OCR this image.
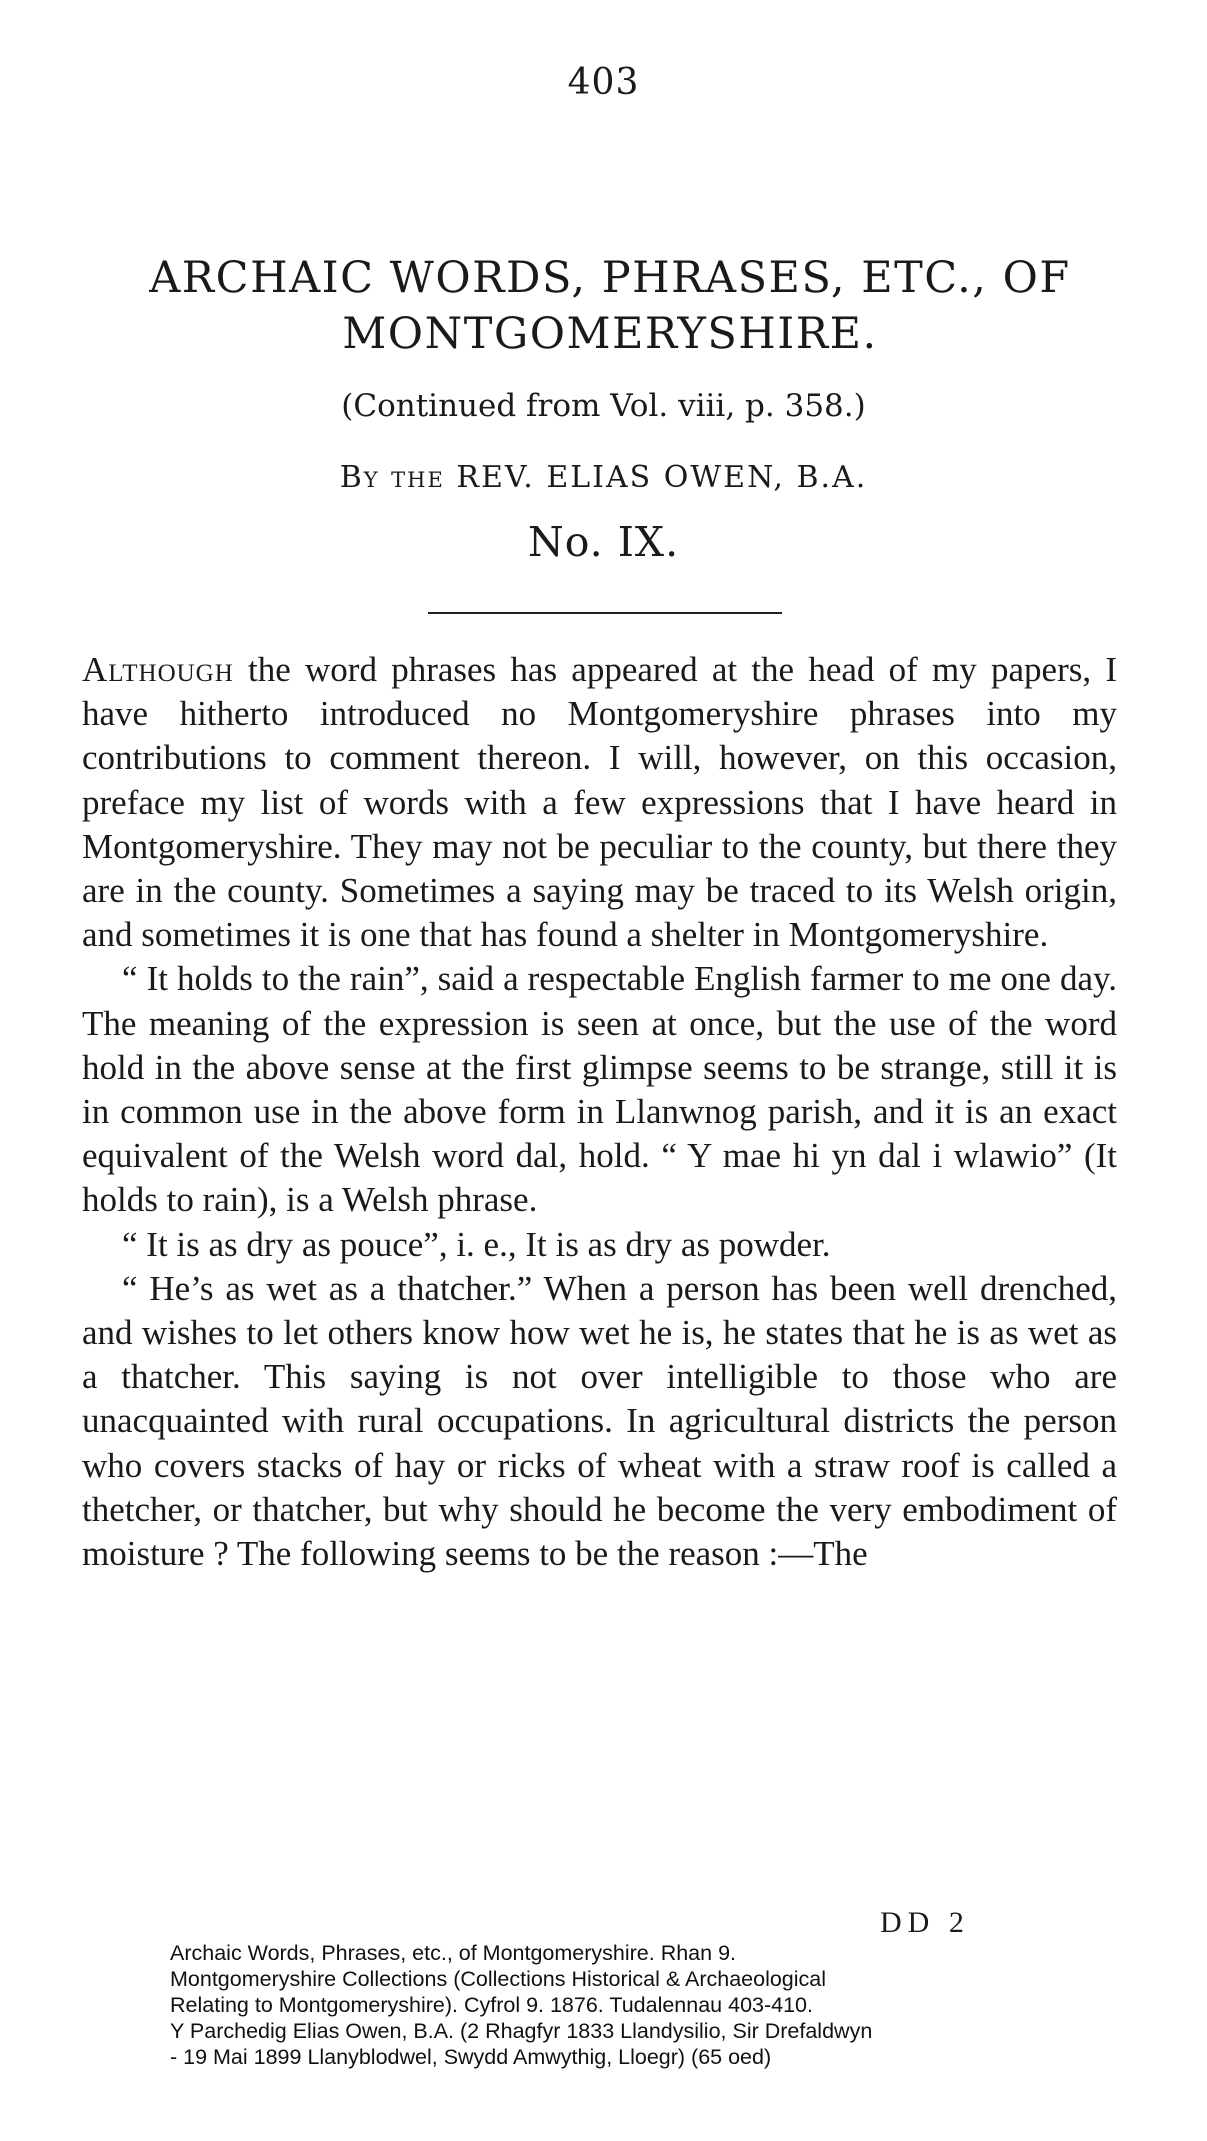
403
ARCHAIC WORDS, PHRASES, ETC., OF MONTGOMERYSHIRE.
(Continued from Vol. viii, p. 358.)
By the REV. ELIAS OWEN, B.A.
No. IX.

Although the word phrases has appeared at the head of my papers, I have hitherto introduced no Montgomeryshire phrases into my contributions to comment thereon. I will, however, on this occasion, preface my list of words with a few expressions that I have heard in Montgomeryshire. They may not be peculiar to the county, but there they are in the county. Sometimes a saying may be traced to its Welsh origin, and sometimes it is one that has found a shelter in Montgomeryshire.

“ It holds to the rain”, said a respectable English farmer to me one day. The meaning of the expression is seen at once, but the use of the word hold in the above sense at the first glimpse seems to be strange, still it is in common use in the above form in Llanwnog parish, and it is an exact equivalent of the Welsh word dal, hold. “ Y mae hi yn dal i wlawio” (It holds to rain), is a Welsh phrase.

“ It is as dry as pouce”, i. e., It is as dry as powder.

“ He’s as wet as a thatcher.” When a person has been well drenched, and wishes to let others know how wet he is, he states that he is as wet as a thatcher. This saying is not over intelligible to those who are unacquainted with rural occupations. In agricultural districts the person who covers stacks of hay or ricks of wheat with a straw roof is called a thetcher, or thatcher, but why should he become the very embodiment of moisture ? The following seems to be the reason :—The

DD 2
Archaic Words, Phrases, etc., of Montgomeryshire. Rhan 9.
Montgomeryshire Collections (Collections Historical & Archaeological
Relating to Montgomeryshire). Cyfrol 9. 1876. Tudalennau 403-410.
Y Parchedig Elias Owen, B.A. (2 Rhagfyr 1833 Llandysilio, Sir Drefaldwyn
- 19 Mai 1899 Llanyblodwel, Swydd Amwythig, Lloegr) (65 oed)
